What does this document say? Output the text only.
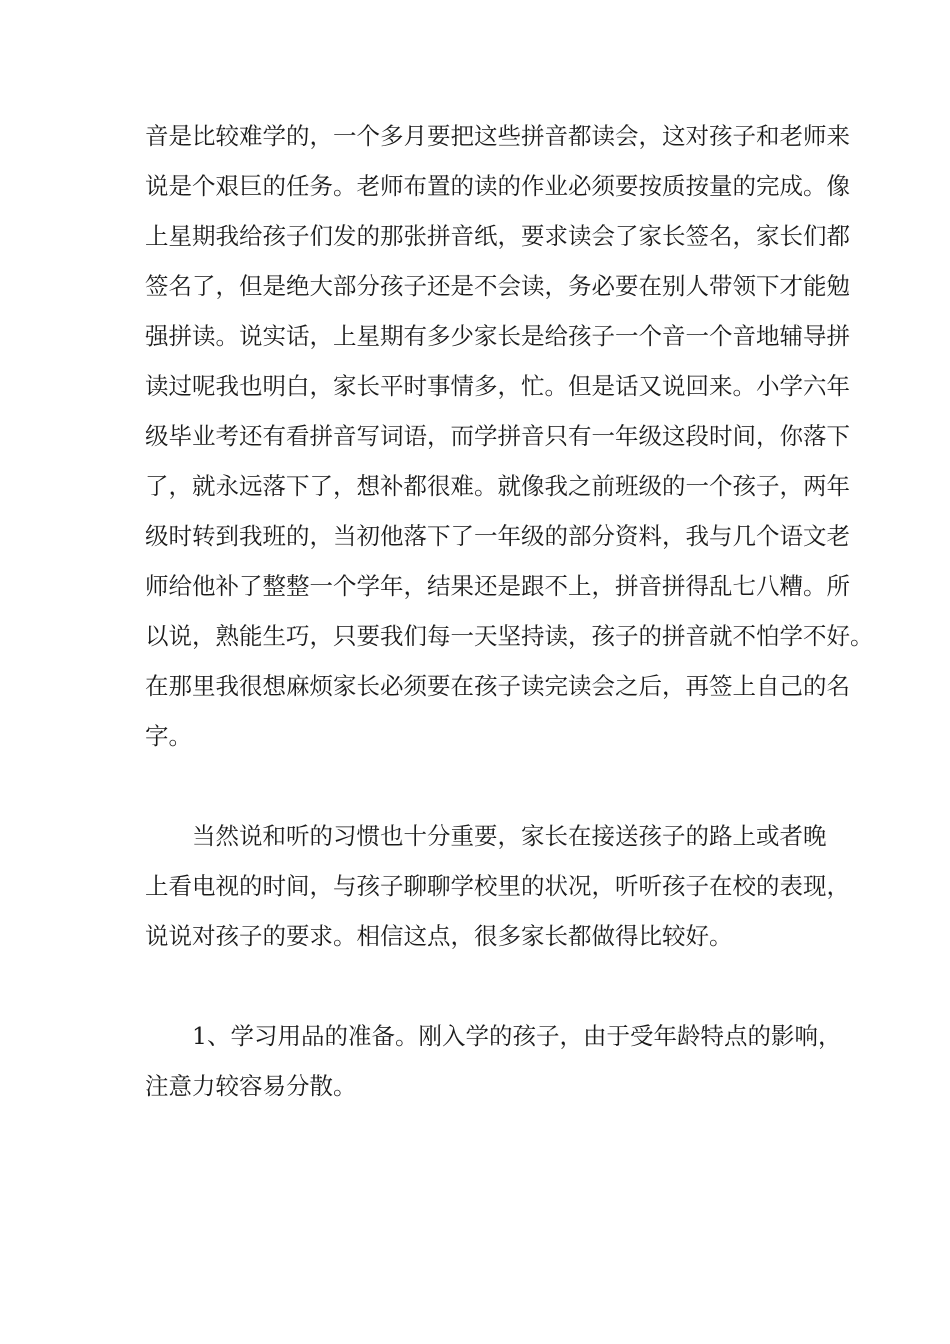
音是比较难学的，一个多月要把这些拼音都读会，这对孩子和老师来
说是个艰巨的任务。老师布置的读的作业必须要按质按量的完成。像
上星期我给孩子们发的那张拼音纸，要求读会了家长签名，家长们都
签名了，但是绝大部分孩子还是不会读，务必要在别人带领下才能勉
强拼读。说实话，上星期有多少家长是给孩子一个音一个音地辅导拼
读过呢我也明白，家长平时事情多，忙。但是话又说回来。小学六年
级毕业考还有看拼音写词语，而学拼音只有一年级这段时间，你落下
了，就永远落下了，想补都很难。就像我之前班级的一个孩子，两年
级时转到我班的，当初他落下了一年级的部分资料，我与几个语文老
师给他补了整整一个学年，结果还是跟不上，拼音拼得乱七八糟。所
以说，熟能生巧，只要我们每一天坚持读，孩子的拼音就不怕学不好。
在那里我很想麻烦家长必须要在孩子读完读会之后，再签上自己的名
字。
当然说和听的习惯也十分重要，家长在接送孩子的路上或者晚
上看电视的时间，与孩子聊聊学校里的状况，听听孩子在校的表现，
说说对孩子的要求。相信这点，很多家长都做得比较好。
1、学习用品的准备。刚入学的孩子，由于受年龄特点的影响，
注意力较容易分散。
